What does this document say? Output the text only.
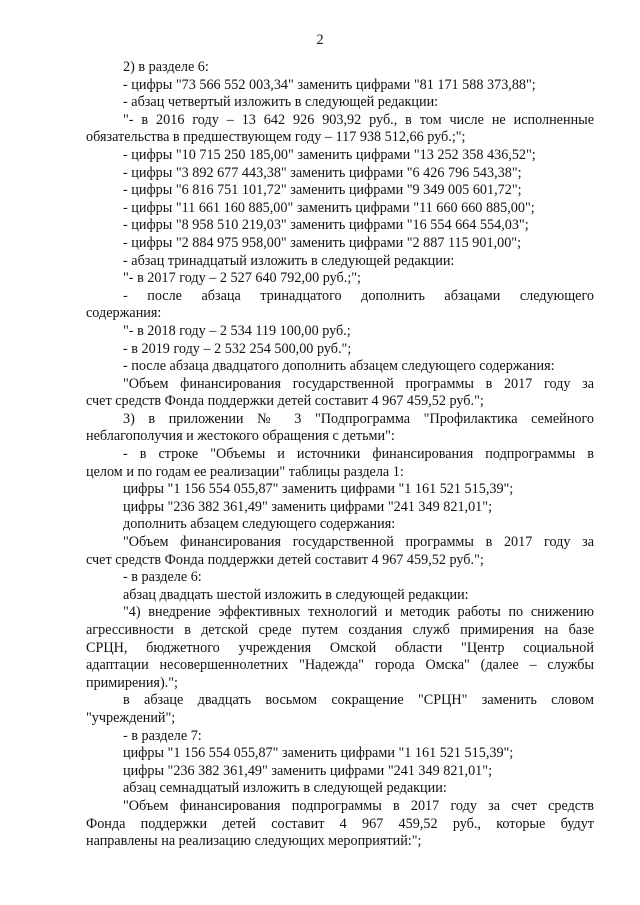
2
2) в разделе 6:
- цифры "73 566 552 003,34" заменить цифрами "81 171 588 373,88";
- абзац четвертый изложить в следующей редакции:
"- в 2016 году – 13 642 926 903,92 руб., в том числе не исполненные
обязательства в предшествующем году – 117 938 512,66 руб.;";
- цифры "10 715 250 185,00" заменить цифрами "13 252 358 436,52";
- цифры "3 892 677 443,38" заменить цифрами "6 426 796 543,38";
- цифры "6 816 751 101,72" заменить цифрами "9 349 005 601,72";
- цифры "11 661 160 885,00" заменить цифрами "11 660 660 885,00";
- цифры "8 958 510 219,03" заменить цифрами "16 554 664 554,03";
- цифры "2 884 975 958,00" заменить цифрами "2 887 115 901,00";
- абзац тринадцатый изложить в следующей редакции:
"- в 2017 году – 2 527 640 792,00 руб.;";
- после абзаца тринадцатого дополнить абзацами следующего
содержания:
"- в 2018 году – 2 534 119 100,00 руб.;
- в 2019 году – 2 532 254 500,00 руб.";
- после абзаца двадцатого дополнить абзацем следующего содержания:
"Объем финансирования государственной программы в 2017 году за
счет средств Фонда поддержки детей составит 4 967 459,52 руб.";
3) в приложении № 3 "Подпрограмма "Профилактика семейного
неблагополучия и жестокого обращения с детьми":
- в строке "Объемы и источники финансирования подпрограммы в
целом и по годам ее реализации" таблицы раздела 1:
цифры "1 156 554 055,87" заменить цифрами "1 161 521 515,39";
цифры "236 382 361,49" заменить цифрами "241 349 821,01";
дополнить абзацем следующего содержания:
"Объем финансирования государственной программы в 2017 году за
счет средств Фонда поддержки детей составит 4 967 459,52 руб.";
- в разделе 6:
абзац двадцать шестой изложить в следующей редакции:
"4) внедрение эффективных технологий и методик работы по снижению
агрессивности в детской среде путем создания служб примирения на базе
СРЦН, бюджетного учреждения Омской области "Центр социальной
адаптации несовершеннолетних "Надежда" города Омска" (далее – службы
примирения).";
в абзаце двадцать восьмом сокращение "СРЦН" заменить словом
"учреждений";
- в разделе 7:
цифры "1 156 554 055,87" заменить цифрами "1 161 521 515,39";
цифры "236 382 361,49" заменить цифрами "241 349 821,01";
абзац семнадцатый изложить в следующей редакции:
"Объем финансирования подпрограммы в 2017 году за счет средств
Фонда поддержки детей составит 4 967 459,52 руб., которые будут
направлены на реализацию следующих мероприятий:";
